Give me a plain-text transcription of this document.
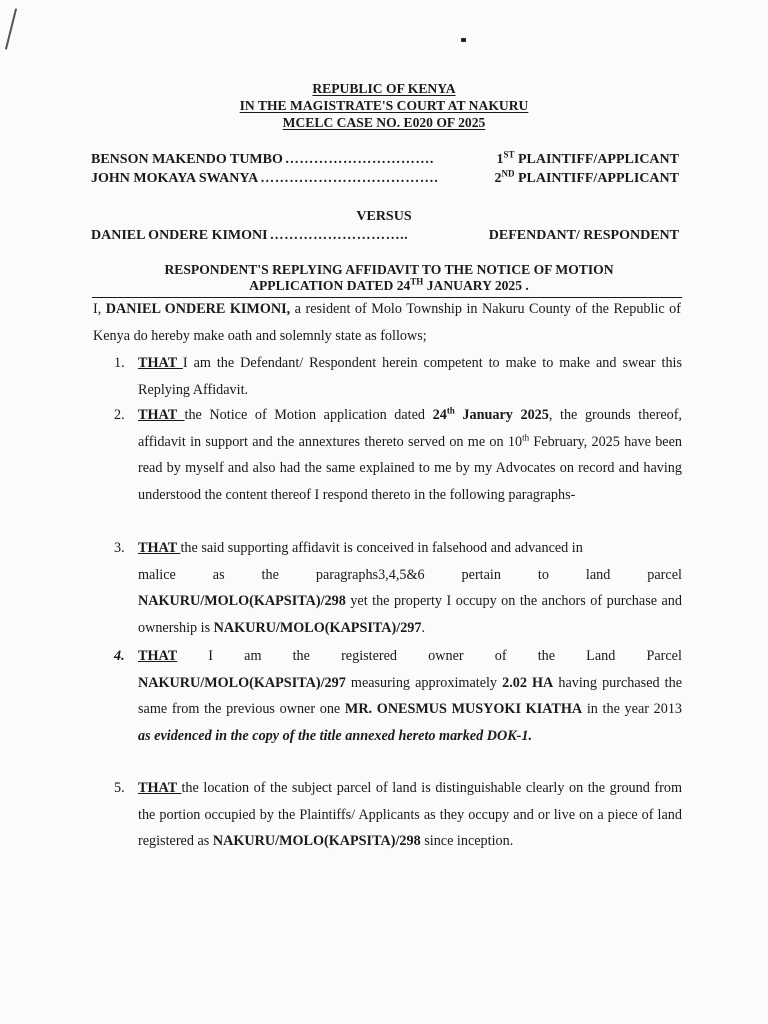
REPUBLIC OF KENYA
IN THE MAGISTRATE'S COURT AT NAKURU
MCELC CASE NO. E020 OF 2025
BENSON MAKENDO TUMBO ………………………….	1ST PLAINTIFF/APPLICANT
JOHN MOKAYA SWANYA ……………………………….	2ND PLAINTIFF/APPLICANT
VERSUS
DANIEL ONDERE KIMONI ………………………..	DEFENDANT/ RESPONDENT
RESPONDENT'S REPLYING AFFIDAVIT TO THE NOTICE OF MOTION
APPLICATION DATED 24TH JANUARY 2025 .
I, DANIEL ONDERE KIMONI, a resident of Molo Township in Nakuru County of the Republic of Kenya do hereby make oath and solemnly state as follows;
1. THAT I am the Defendant/ Respondent herein competent to make to make and swear this Replying Affidavit.
2. THAT the Notice of Motion application dated 24th January 2025, the grounds thereof, affidavit in support and the annextures thereto served on me on 10th February, 2025 have been read by myself and also had the same explained to me by my Advocates on record and having understood the content thereof I respond thereto in the following paragraphs-
3. THAT the said supporting affidavit is conceived in falsehood and advanced in
malice	as	the	paragraphs3,4,5&6	pertain	to	land	parcel
NAKURU/MOLO(KAPSITA)/298 yet the property I occupy on the anchors of purchase and ownership is NAKURU/MOLO(KAPSITA)/297.
4. THAT I am the registered owner of the Land Parcel
NAKURU/MOLO(KAPSITA)/297 measuring approximately 2.02 HA having purchased the same from the previous owner one MR. ONESMUS MUSYOKI KIATHA in the year 2013 as evidenced in the copy of the title annexed hereto marked DOK-1.
5. THAT the location of the subject parcel of land is distinguishable clearly on the ground from the portion occupied by the Plaintiffs/ Applicants as they occupy and or live on a piece of land registered as NAKURU/MOLO(KAPSITA)/298 since inception.
